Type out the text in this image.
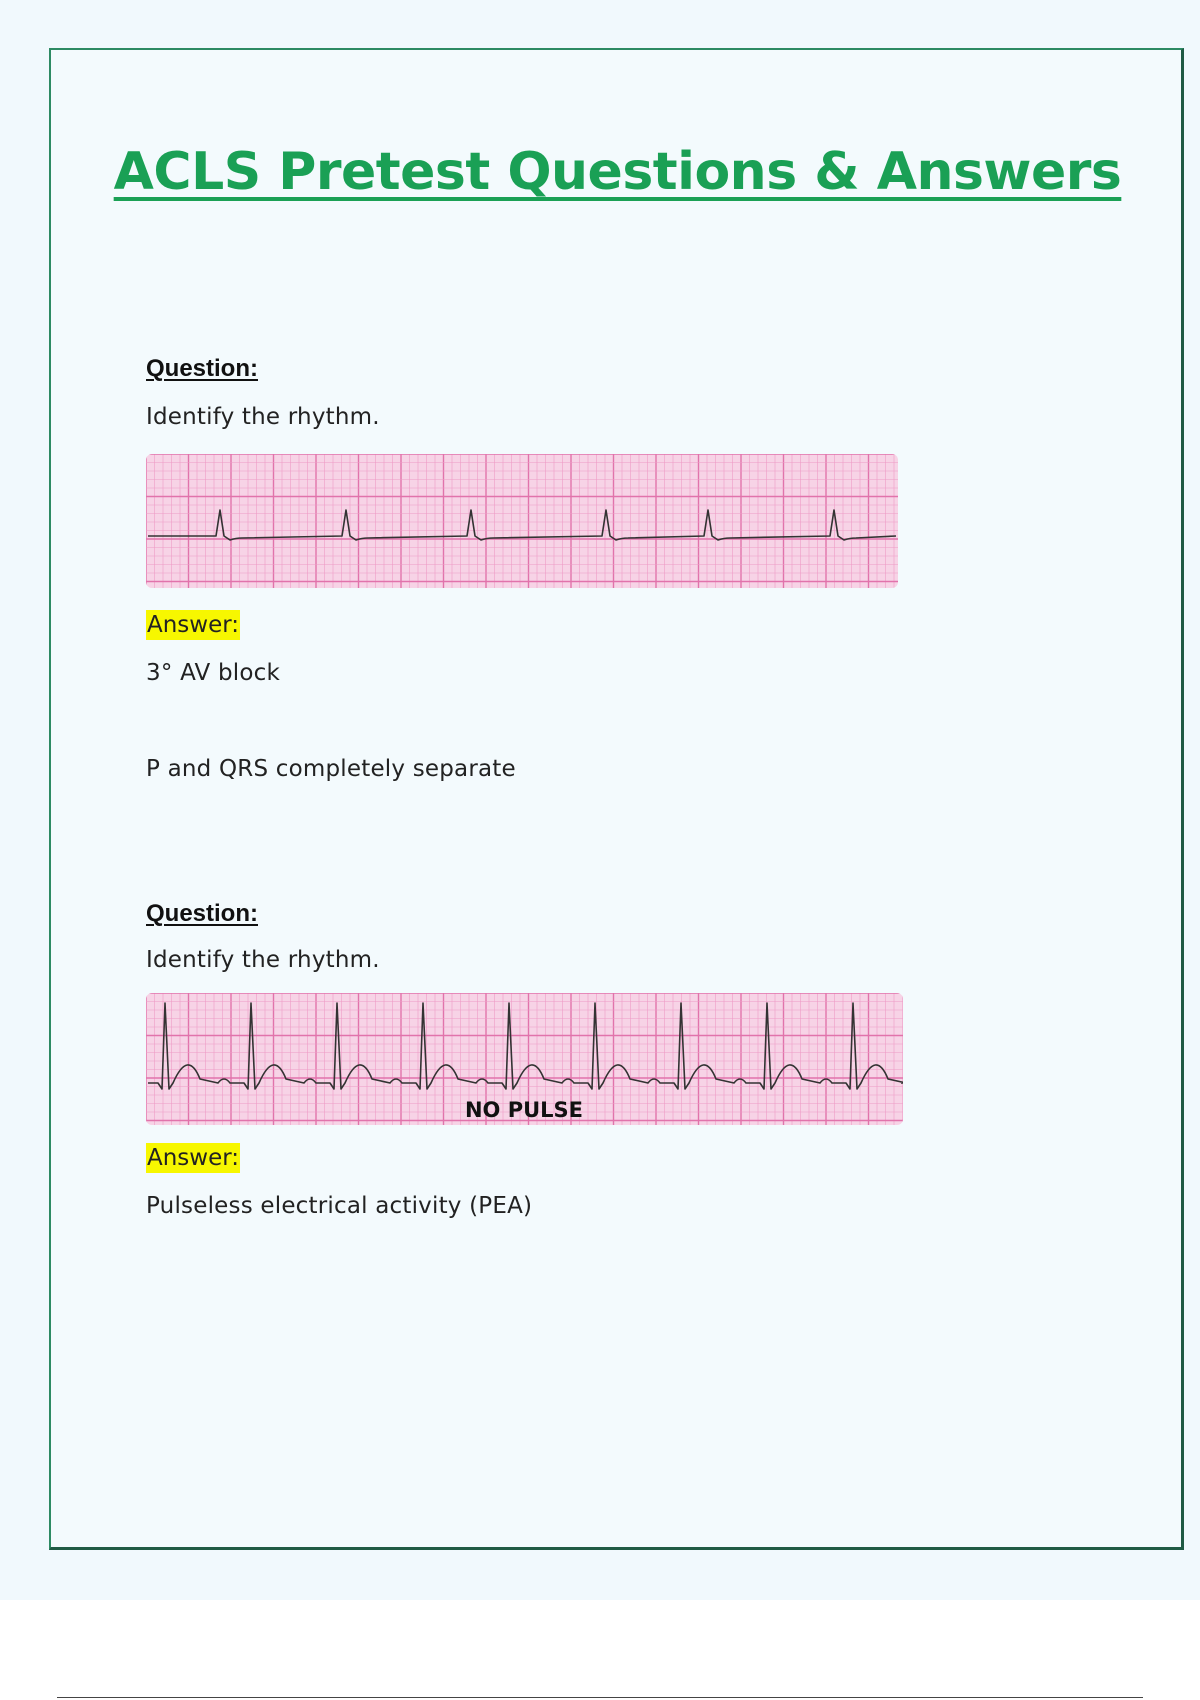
ACLS Pretest Questions & Answers
Question:
Identify the rhythm.
Answer:
3° AV block
P and QRS completely separate
Question:
Identify the rhythm.
NO PULSE
Answer:
Pulseless electrical activity (PEA)
